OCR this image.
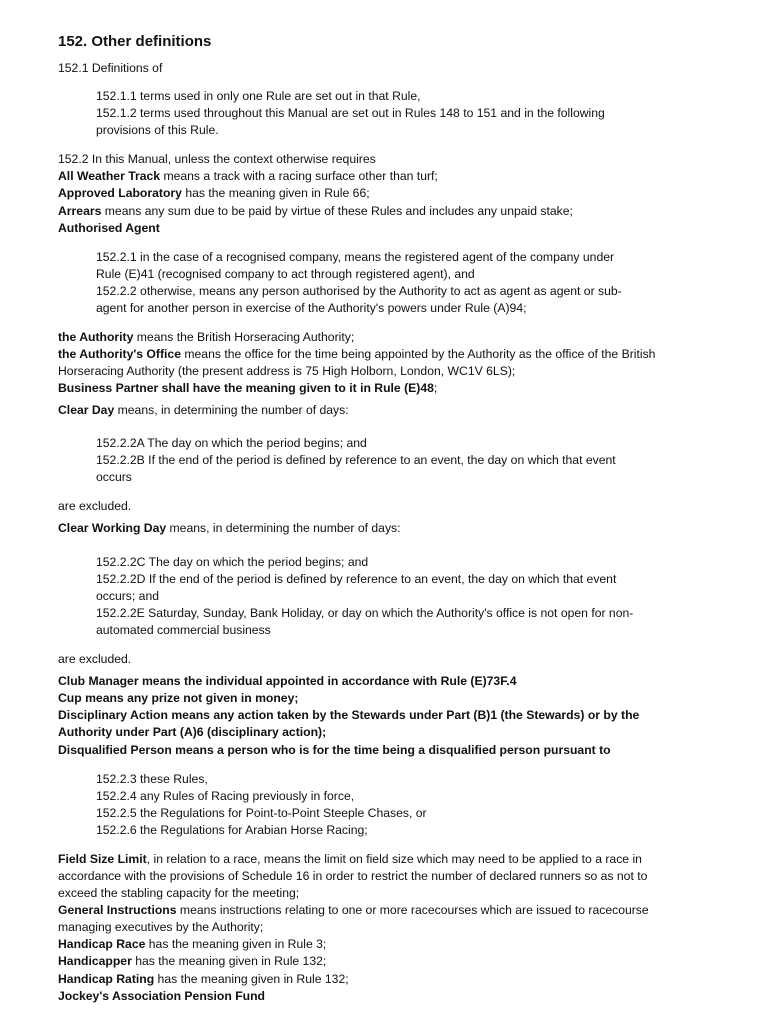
152. Other definitions
152.1 Definitions of
152.1.1 terms used in only one Rule are set out in that Rule,
152.1.2 terms used throughout this Manual are set out in Rules 148 to 151 and in the following
provisions of this Rule.
152.2 In this Manual, unless the context otherwise requires
All Weather Track means a track with a racing surface other than turf;
Approved Laboratory has the meaning given in Rule 66;
Arrears means any sum due to be paid by virtue of these Rules and includes any unpaid stake;
Authorised Agent
152.2.1 in the case of a recognised company, means the registered agent of the company under
Rule (E)41 (recognised company to act through registered agent), and
152.2.2 otherwise, means any person authorised by the Authority to act as agent as agent or sub-
agent for another person in exercise of the Authority's powers under Rule (A)94;
the Authority means the British Horseracing Authority;
the Authority's Office means the office for the time being appointed by the Authority as the office of the British
Horseracing Authority (the present address is 75 High Holborn, London, WC1V 6LS);
Business Partner shall have the meaning given to it in Rule (E)48;
Clear Day means, in determining the number of days:
152.2.2A The day on which the period begins; and
152.2.2B If the end of the period is defined by reference to an event, the day on which that event
occurs
are excluded.
Clear Working Day means, in determining the number of days:
152.2.2C The day on which the period begins; and
152.2.2D If the end of the period is defined by reference to an event, the day on which that event
occurs; and
152.2.2E Saturday, Sunday, Bank Holiday, or day on which the Authority's office is not open for non-
automated commercial business
are excluded.
Club Manager means the individual appointed in accordance with Rule (E)73F.4
Cup means any prize not given in money;
Disciplinary Action means any action taken by the Stewards under Part (B)1 (the Stewards) or by the
Authority under Part (A)6 (disciplinary action);
Disqualified Person means a person who is for the time being a disqualified person pursuant to
152.2.3 these Rules,
152.2.4 any Rules of Racing previously in force,
152.2.5 the Regulations for Point-to-Point Steeple Chases, or
152.2.6 the Regulations for Arabian Horse Racing;
Field Size Limit, in relation to a race, means the limit on field size which may need to be applied to a race in
accordance with the provisions of Schedule 16 in order to restrict the number of declared runners so as not to
exceed the stabling capacity for the meeting;
General Instructions means instructions relating to one or more racecourses which are issued to racecourse
managing executives by the Authority;
Handicap Race has the meaning given in Rule 3;
Handicapper has the meaning given in Rule 132;
Handicap Rating has the meaning given in Rule 132;
Jockey's Association Pension Fund
